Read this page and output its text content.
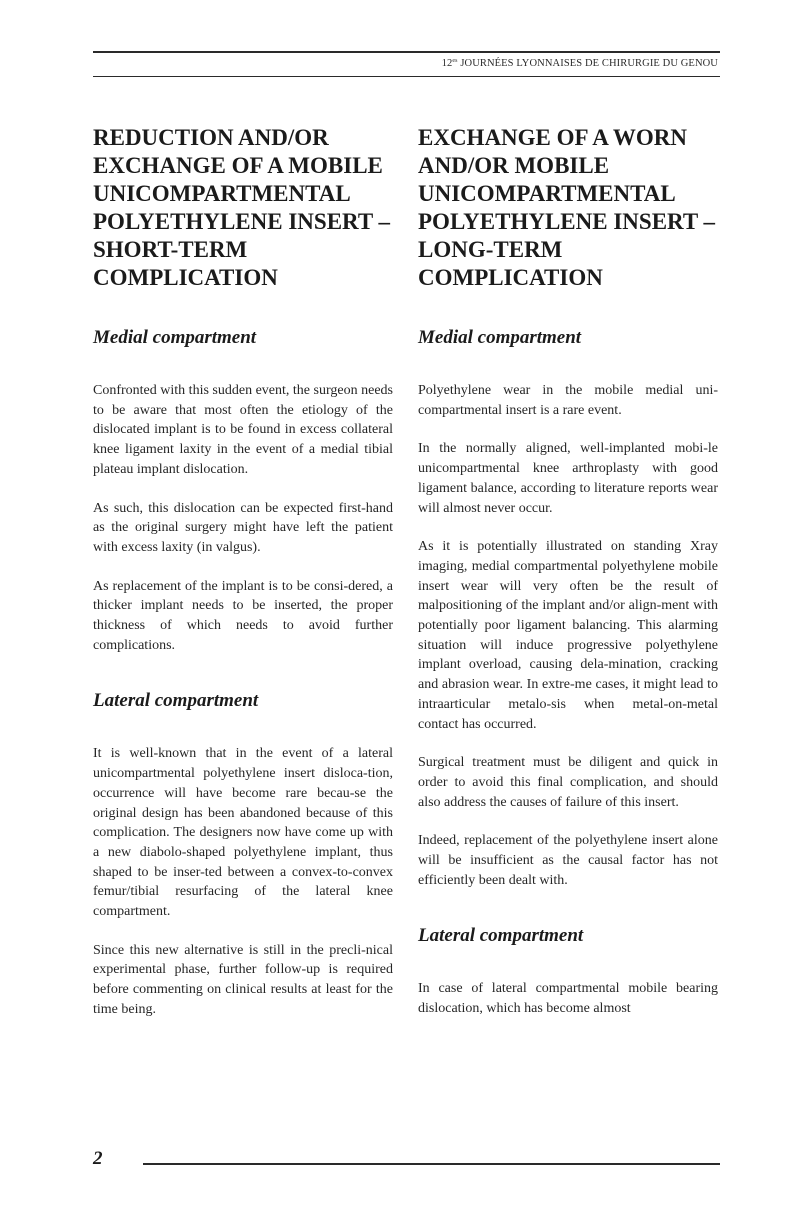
$12^{es}$ JOURNÉES LYONNAISES DE CHIRURGIE DU GENOU
REDUCTION AND/OR EXCHANGE OF A MOBILE UNICOMPARTMENTAL POLYETHYLENE INSERT – SHORT-TERM COMPLICATION
Medial compartment

Confronted with this sudden event, the surgeon needs to be aware that most often the etiology of the dislocated implant is to be found in excess collateral knee ligament laxity in the event of a medial tibial plateau implant dislocation.

As such, this dislocation can be expected first-hand as the original surgery might have left the patient with excess laxity (in valgus).

As replacement of the implant is to be consi-dered, a thicker implant needs to be inserted, the proper thickness of which needs to avoid further complications.

Lateral compartment

It is well-known that in the event of a lateral unicompartmental polyethylene insert disloca-tion, occurrence will have become rare becau-se the original design has been abandoned because of this complication. The designers now have come up with a new diabolo-shaped polyethylene implant, thus shaped to be inser-ted between a convex-to-convex femur/tibial resurfacing of the lateral knee compartment.

Since this new alternative is still in the precli-nical experimental phase, further follow-up is required before commenting on clinical results at least for the time being.

EXCHANGE OF A WORN AND/OR MOBILE UNICOMPARTMENTAL POLYETHYLENE INSERT – LONG-TERM COMPLICATION
Medial compartment

Polyethylene wear in the mobile medial uni-compartmental insert is a rare event.

In the normally aligned, well-implanted mobi-le unicompartmental knee arthroplasty with good ligament balance, according to literature reports wear will almost never occur.

As it is potentially illustrated on standing Xray imaging, medial compartmental polyethylene mobile insert wear will very often be the result of malpositioning of the implant and/or align-ment with potentially poor ligament balancing. This alarming situation will induce progressive polyethylene implant overload, causing dela-mination, cracking and abrasion wear. In extre-me cases, it might lead to intraarticular metalo-sis when metal-on-metal contact has occurred.

Surgical treatment must be diligent and quick in order to avoid this final complication, and should also address the causes of failure of this insert.

Indeed, replacement of the polyethylene insert alone will be insufficient as the causal factor has not efficiently been dealt with.

Lateral compartment

In case of lateral compartmental mobile bearing dislocation, which has become almost

2
